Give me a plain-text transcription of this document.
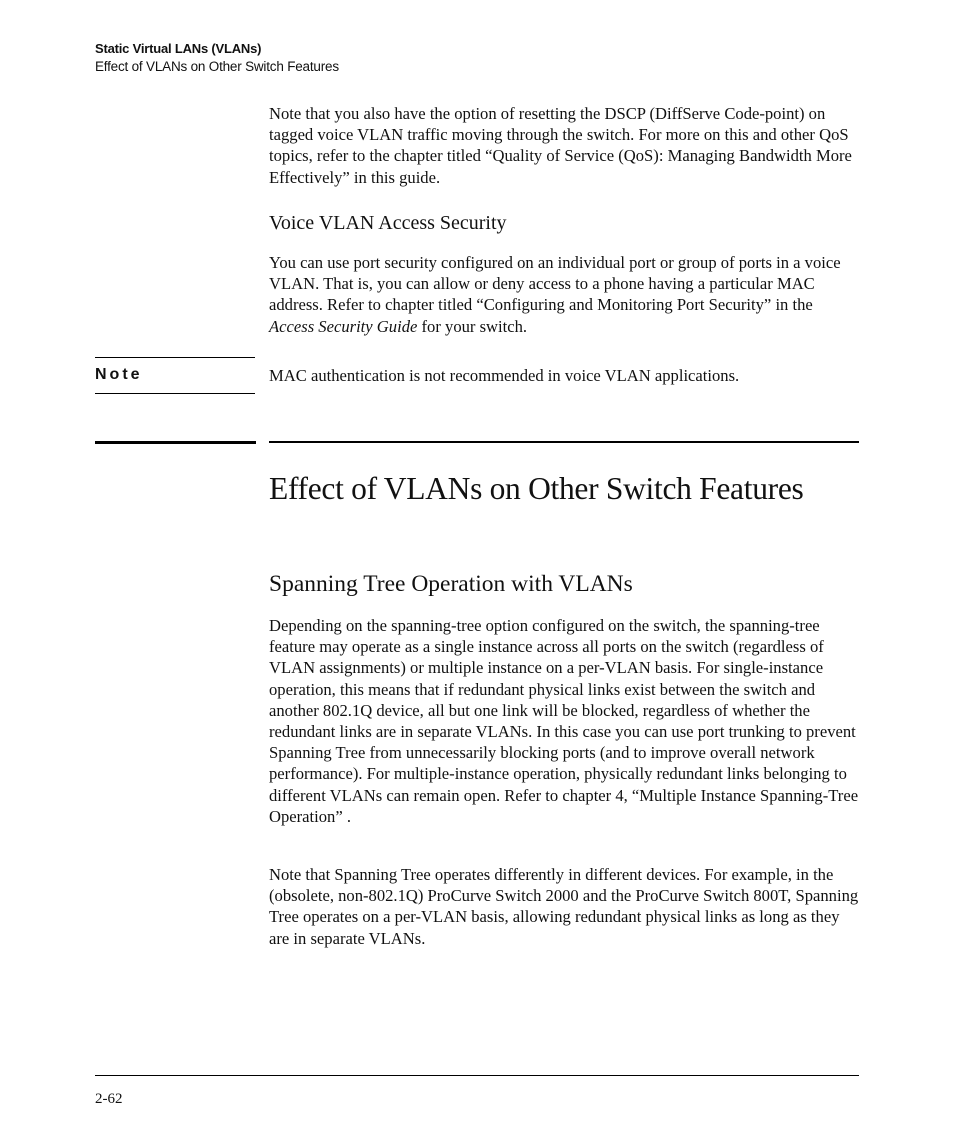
Static Virtual LANs (VLANs)
Effect of VLANs on Other Switch Features

Note that you also have the option of resetting the DSCP (DiffServe Code-point) on tagged voice VLAN traffic moving through the switch. For more on this and other QoS topics, refer to the chapter titled “Quality of Service (QoS): Managing Bandwidth More Effectively” in this guide.

Voice VLAN Access Security

You can use port security configured on an individual port or group of ports in a voice VLAN. That is, you can allow or deny access to a phone having a particular MAC address. Refer to chapter titled “Configuring and Monitoring Port Security” in the Access Security Guide for your switch.

Note	MAC authentication is not recommended in voice VLAN applications.
Effect of VLANs on Other Switch Features
Spanning Tree Operation with VLANs

Depending on the spanning-tree option configured on the switch, the spanning-tree feature may operate as a single instance across all ports on the switch (regardless of VLAN assignments) or multiple instance on a per-VLAN basis. For single-instance operation, this means that if redundant physical links exist between the switch and another 802.1Q device, all but one link will be blocked, regardless of whether the redundant links are in separate VLANs. In this case you can use port trunking to prevent Spanning Tree from unnecessarily blocking ports (and to improve overall network performance). For multiple-instance operation, physically redundant links belonging to different VLANs can remain open. Refer to chapter 4, “Multiple Instance Spanning-Tree Operation” .

Note that Spanning Tree operates differently in different devices. For example, in the (obsolete, non-802.1Q) ProCurve Switch 2000 and the ProCurve Switch 800T, Spanning Tree operates on a per-VLAN basis, allowing redundant physical links as long as they are in separate VLANs.

2-62
